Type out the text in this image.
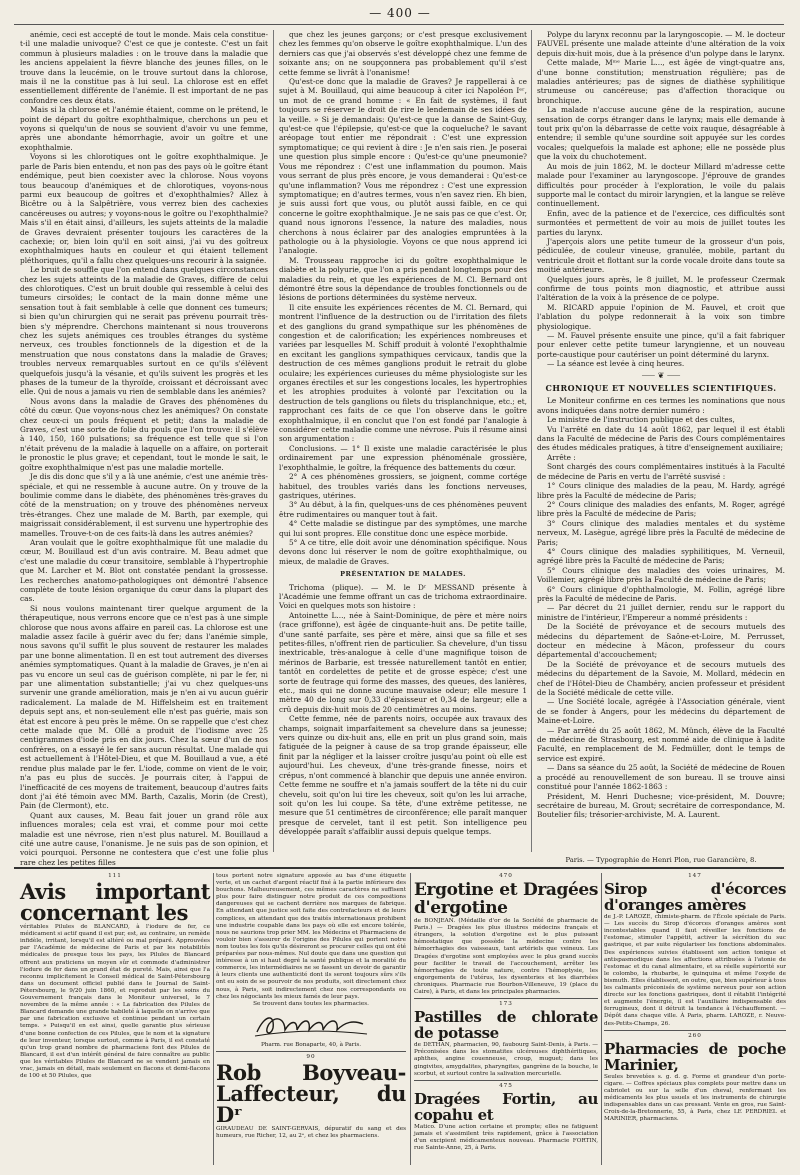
— 400 —

anémie, ceci est accepté de tout le monde. Mais cela constitue-t-il une maladie univoque? C'est ce que je conteste. C'est un fait commun à plusieurs maladies : on le trouve dans la maladie que les anciens appelaient la fièvre blanche des jeunes filles, on le trouve dans la leucémie, on le trouve surtout dans la chlorose, mais il ne la constitue pas à lui seul. La chlorose est en effet essentiellement différente de l'anémie. Il est important de ne pas confondre ces deux états.

Mais si la chlorose et l'anémie étaient, comme on le prétend, le point de départ du goître exophthalmique, cherchons un peu et voyons si quelqu'un de nous se souvient d'avoir vu une femme, après une abondante hémorrhagie, avoir un goître et une exophthalmie.

Voyons si les chlorotiques ont le goître exophthalmique. Je parle de Paris bien entendu, et non pas des pays où le goître étant endémique, peut bien coexister avec la chlorose. Nous voyons tous beaucoup d'anémiques et de chlorotiques, voyons-nous parmi eux beaucoup de goîtres et d'exophthalmies? Allez à Bicêtre ou à la Salpêtrière, vous verrez bien des cachexies cancéreuses ou autres; y voyons-nous le goître ou l'exophthalmie? Mais s'il en était ainsi, d'ailleurs, les sujets atteints de la maladie de Graves devraient présenter toujours les caractères de la cachexie; or, bien loin qu'il en soit ainsi, j'ai vu des goîtreux exophthalmiques hauts en couleur et qui étaient tellement pléthoriques, qu'il a fallu chez quelques-uns recourir à la saignée.

Le bruit de souffle que l'on entend dans quelques circonstances chez les sujets atteints de la maladie de Graves, diffère de celui des chlorotiques. C'est un bruit double qui ressemble à celui des tumeurs cirsoïdes; le contact de la main donne même une sensation tout à fait semblable à celle que donnent ces tumeurs; si bien qu'un chirurgien qui ne serait pas prévenu pourrait très-bien s'y méprendre. Cherchons maintenant si nous trouverons chez les sujets anémiques ces troubles étranges du système nerveux, ces troubles fonctionnels de la digestion et de la menstruation que nous constatons dans la maladie de Graves; troubles nerveux remarquables surtout en ce qu'ils s'élèvent quelquefois jusqu'à la vésanie, et qu'ils suivent les progrès et les phases de la tumeur de la thyroïde, croissant et décroissant avec elle. Qui de nous a jamais vu rien de semblable dans les anémies?

Nous avons dans la maladie de Graves des phénomènes du côté du cœur. Que voyons-nous chez les anémiques? On constate chez ceux-ci un pouls fréquent et petit; dans la maladie de Graves, c'est une sorte de folie du pouls que l'on trouve: il s'élève à 140, 150, 160 pulsations; sa fréquence est telle que si l'on n'était prévenu de la maladie à laquelle on a affaire, on porterait le pronostic le plus grave; et cependant, tout le monde le sait, le goître exophthalmique n'est pas une maladie mortelle.

Je dis dis donc que s'il y a là une anémie, c'est une anémie très-spéciale, et qui ne ressemble à aucune autre. On y trouve de la boulimie comme dans le diabète, des phénomènes très-graves du côté de la menstruation; on y trouve des phénomènes nerveux très-étranges. Chez une malade de M. Barth, par exemple, qui maigrissait considérablement, il est survenu une hypertrophie des mamelles. Trouve-t-on de ces faits-là dans les autres anémies?

Aran voulait que le goître exophthalmique fût une maladie du cœur, M. Bouillaud est d'un avis contraire. M. Beau admet que c'est une maladie du cœur transitoire, semblable à l'hypertrophie que M. Larcher et M. Blot ont constatée pendant la grossesse. Les recherches anatomo-pathologiques ont démontré l'absence complète de toute lésion organique du cœur dans la plupart des cas.

Si nous voulons maintenant tirer quelque argument de la thérapeutique, nous verrons encore que ce n'est pas à une simple chlorose que nous avons affaire en pareil cas. La chlorose est une maladie assez facile à guérir avec du fer; dans l'anémie simple, nous savons qu'il suffit le plus souvent de restaurer les malades par une bonne alimentation. Il en est tout autrement des diverses anémies symptomatiques. Quant à la maladie de Graves, je n'en ai pas vu encore un seul cas de guérison complète, ni par le fer, ni par une alimentation substantielle; j'ai vu chez quelques-uns survenir une grande amélioration, mais je n'en ai vu aucun guérir radicalement. La malade de M. Hiffelsheim est en traitement depuis sept ans, et non-seulement elle n'est pas guérie, mais son état est encore à peu près le même. On se rappelle que c'est chez cette malade que M. Ollé a produit de l'iodisme avec 25 centigrammes d'iode pris en dix jours. Chez la sœur d'un de nos confrères, on a essayé le fer sans aucun résultat. Une malade qui est actuellement à l'Hôtel-Dieu, et que M. Bouillaud a vue, a été rendue plus malade par le fer. L'iode, comme on vient de le voir, n'a pas eu plus de succès. Je pourrais citer, à l'appui de l'inefficacité de ces moyens de traitement, beaucoup d'autres faits dont j'ai été témoin avec MM. Barth, Cazalis, Morin (de Crest), Pain (de Clermont), etc.

Quant aux causes, M. Beau fait jouer un grand rôle aux influences morales; cela est vrai, et comme pour moi cette maladie est une névrose, rien n'est plus naturel. M. Bouillaud a cité une autre cause, l'onanisme. Je ne suis pas de son opinion, et voici pourquoi. Personne ne contestera que c'est une folie plus rare chez les petites filles

que chez les jeunes garçons; or c'est presque exclusivement chez les femmes qu'on observe le goître exophthalmique. L'un des derniers cas que j'ai observés s'est développé chez une femme de soixante ans; on ne soupçonnera pas probablement qu'il s'est cette femme se livrât à l'onanisme!

Qu'est-ce donc que la maladie de Graves? Je rappellerai à ce sujet à M. Bouillaud, qui aime beaucoup à citer ici Napoléon Iᵉʳ, un mot de ce grand homme : « En fait de systèmes, il faut toujours se réserver le droit de rire le lendemain de ses idées de la veille. » Si je demandais: Qu'est-ce que la danse de Saint-Guy, qu'est-ce que l'épilepsie, qu'est-ce que la coqueluche? le savant aréopage tout entier me répondrait : C'est une expression symptomatique; ce qui revient à dire : Je n'en sais rien. Je poserai une question plus simple encore : Qu'est-ce qu'une pneumonie? Vous me répondrez : C'est une inflammation du poumon. Mais vous serrant de plus près encore, je vous demanderai : Qu'est-ce qu'une inflammation? Vous me répondrez : C'est une expression symptomatique; en d'autres termes, vous n'en savez rien. Eh bien, je suis aussi fort que vous, ou plutôt aussi faible, en ce qui concerne le goître exophthalmique. Je ne sais pas ce que c'est. Or, quand nous ignorons l'essence, la nature des maladies, nous cherchons à nous éclairer par des analogies empruntées à la pathologie ou à la physiologie. Voyons ce que nous apprend ici l'analogie.

M. Trousseau rapproche ici du goître exophthalmique le diabète et la polyurie, que l'on a pris pendant longtemps pour des maladies du rein, et que les expériences de M. Cl. Bernard ont démontré être sous la dépendance de troubles fonctionnels ou de lésions de portions déterminées du système nerveux.

Il cite ensuite les expériences récentes de M. Cl. Bernard, qui montrent l'influence de la destruction ou de l'irritation des filets et des ganglions du grand sympathique sur les phénomènes de congestion et de calorification; les expériences nombreuses et variées par lesquelles M. Schiff produit à volonté l'exophthalmie en excitant les ganglions sympathiques cervicaux, tandis que la destruction de ces mêmes ganglions produit le retrait du globe oculaire; les expériences curieuses du même physiologiste sur les organes érectiles et sur les congestions locales, les hypertrophies et les atrophies produites à volonté par l'excitation ou la destruction de tels ganglions ou filets du trisplanchnique, etc.; et, rapprochant ces faits de ce que l'on observe dans le goître exophthalmique, il en conclut que l'on est fondé par l'analogie à considérer cette maladie comme une névrose. Puis il résume ainsi son argumentation :

Conclusions. — 1° Il existe une maladie caractérisée le plus ordinairement par une expression phénoménale grossière, l'exophthalmie, le goître, la fréquence des battements du cœur.

2° A ces phénomènes grossiers, se joignent, comme cortége habituel, des troubles variés dans les fonctions nerveuses, gastriques, utérines.

3° Au début, à la fin, quelques-uns de ces phénomènes peuvent être rudimentaires ou manquer tout à fait.

4° Cette maladie se distingue par des symptômes, une marche qui lui sont propres. Elle constitue donc une espèce morbide.

5° A ce titre, elle doit avoir une dénomination spécifique. Nous devons donc lui réserver le nom de goître exophthalmique, ou mieux, de maladie de Graves.

PRÉSENTATION DE MALADES.

Trichoma (plique). — M. le Dʳ MESSAND présente à l'Académie une femme offrant un cas de trichoma extraordinaire. Voici en quelques mots son histoire :

Antoinette L..., née à Saint-Dominique, de père et mère noirs (race griffonne), est âgée de cinquante-huit ans. De petite taille, d'une santé parfaite, ses père et mère, ainsi que sa fille et ses petites-filles, n'offrent rien de particulier. Sa chevelure, d'un tissu inextricable, très-analogue à celle d'une magnifique toison de mérinos de Barbarie, est tressée naturellement tantôt en entier, tantôt en cordelettes de petite et de grosse espèce; c'est une sorte de feutrage qui forme des masses, des queues, des lanières, etc., mais qui ne donne aucune mauvaise odeur; elle mesure 1 mètre 40 de long sur 0,33 d'épaisseur et 0,34 de largeur; elle a crû depuis dix-huit mois de 20 centimètres au moins.

Cette femme, née de parents noirs, occupée aux travaux des champs, soignait imparfaitement sa chevelure dans sa jeunesse; vers quinze ou dix-huit ans, elle en prit un plus grand soin, mais fatiguée de la peigner à cause de sa trop grande épaisseur, elle finit par la négliger et la laisser croître jusqu'au point où elle est aujourd'hui. Les cheveux, d'une très-grande finesse, noirs et crépus, n'ont commencé à blanchir que depuis une année environ. Cette femme ne souffre et n'a jamais souffert de la tête ni du cuir chevelu, soit qu'on lui tire les cheveux, soit qu'on les lui arrache, soit qu'on les lui coupe. Sa tête, d'une extrême petitesse, ne mesure que 51 centimètres de circonférence; elle paraît manquer presque de cervelet, tant il est petit. Son intelligence peu développée paraît s'affaiblir aussi depuis quelque temps.

Polype du larynx reconnu par la laryngoscopie. — M. le docteur FAUVEL présente une malade atteinte d'une altération de la voix depuis dix-huit mois, due à la présence d'un polype dans le larynx.

Cette malade, Mᵐᵉ Marie L..., est âgée de vingt-quatre ans, d'une bonne constitution; menstruation régulière; pas de maladies antérieures; pas de signes de diathèse syphilitique strumeuse ou cancéreuse; pas d'affection thoracique ou bronchique.

La malade n'accuse aucune gêne de la respiration, aucune sensation de corps étranger dans le larynx; mais elle demande à tout prix qu'on la débarrasse de cette voix rauque, désagréable à entendre; il semble qu'une sourdine soit appuyée sur les cordes vocales; quelquefois la malade est aphone; elle ne possède plus que la voix du chuchotement.

Au mois de juin 1862, M. le docteur Millard m'adresse cette malade pour l'examiner au laryngoscope. J'éprouve de grandes difficultés pour procéder à l'exploration, le voile du palais supporte mal le contact du miroir laryngien, et la langue se relève continuellement.

Enfin, avec de la patience et de l'exercice, ces difficultés sont surmontées et permettent de voir au mois de juillet toutes les parties du larynx.

J'aperçois alors une petite tumeur de la grosseur d'un pois, pédiculée, de couleur vineuse, granulée, mobile, partant du ventricule droit et flottant sur la corde vocale droite dans toute sa moitié antérieure.

Quelques jours après, le 8 juillet, M. le professeur Czermak confirme de tous points mon diagnostic, et attribue aussi l'altération de la voix à la présence de ce polype.

M. RICARD appuie l'opinion de M. Fauvel, et croit que l'ablation du polype redonnerait à la voix son timbre physiologique.

— M. Fauvel présente ensuite une pince, qu'il a fait fabriquer pour enlever cette petite tumeur laryngienne, et un nouveau porte-caustique pour cautériser un point déterminé du larynx.

— La séance est levée à cinq heures.

⸺ ❦ ⸺
CHRONIQUE ET NOUVELLES SCIENTIFIQUES.

Le Moniteur confirme en ces termes les nominations que nous avons indiquées dans notre dernier numéro :

Le ministre de l'instruction publique et des cultes,

Vu l'arrêté en date du 14 août 1862, par lequel il est établi dans la Faculté de médecine de Paris des Cours complémentaires des études médicales pratiques, à titre d'enseignement auxiliaire;

Arrête :

Sont chargés des cours complémentaires institués à la Faculté de médecine de Paris en vertu de l'arrêté susvisé :

1° Cours clinique des maladies de la peau, M. Hardy, agrégé libre près la Faculté de médecine de Paris;

2° Cours clinique des maladies des enfants, M. Roger, agrégé libre près la Faculté de médecine de Paris;

3° Cours clinique des maladies mentales et du système nerveux, M. Lasègue, agrégé libre près la Faculté de médecine de Paris;

4° Cours clinique des maladies syphilitiques, M. Verneuil, agrégé libre près la Faculté de médecine de Paris;

5° Cours clinique des maladies des voies urinaires, M. Voillemier, agrégé libre près la Faculté de médecine de Paris;

6° Cours clinique d'ophthalmologie, M. Follin, agrégé libre près la Faculté de médecine de Paris.

— Par décret du 21 juillet dernier, rendu sur le rapport du ministre de l'intérieur, l'Empereur a nommé présidents :

De la Société de prévoyance et de secours mutuels des médecins du département de Saône-et-Loire, M. Perrusset, docteur en médecine à Mâcon, professeur du cours départemental d'accouchement;

De la Société de prévoyance et de secours mutuels des médecins du département de la Savoie, M. Mollard, médecin en chef de l'Hôtel-Dieu de Chambéry, ancien professeur et président de la Société médicale de cette ville.

— Une Société locale, agrégée à l'Association générale, vient de se fonder à Angers, pour les médecins du département de Maine-et-Loire.

— Par arrêté du 25 août 1862, M. Münch, élève de la Faculté de médecine de Strasbourg, est nommé aide de clinique à ladite Faculté, en remplacement de M. Fedmüller, dont le temps de service est expiré.

— Dans sa séance du 25 août, la Société de médecine de Rouen a procédé au renouvellement de son bureau. Il se trouve ainsi constitué pour l'année 1862-1863 :

Président, M. Henri Duchesne; vice-président, M. Douvre; secrétaire de bureau, M. Grout; secrétaire de correspondance, M. Boutelier fils; trésorier-archiviste, M. A. Laurent.

Paris. — Typographie de Henri Plon, rue Garancière, 8.
111
Avis important concernant les

véritables Pilules de BLANCARD, à l'iodure de fer, ce médicament si actif quand il est pur, est, au contraire, un remède infidèle, irritant, lorsqu'il est altéré ou mal préparé. Approuvées par l'Académie de médecine de Paris et par les notabilités médicales de presque tous les pays, les Pilules de Blancard offrent aux praticiens un moyen sûr et commode d'administrer l'iodure de fer dans un grand état de pureté. Mais, ainsi que l'a reconnu implicitement le Conseil médical de Saint-Pétersbourg dans un document officiel publié dans le Journal de Saint-Pétersbourg, le 9/20 juin 1860, et reproduit par les soins du Gouvernement français dans le Moniteur universel, le 7 novembre de la même année : « La fabrication des Pilules de Blancard demande une grande habileté à laquelle on n'arrive que par une fabrication exclusive et continue pendant un certain temps. » Puisqu'il en est ainsi, quelle garantie plus sérieuse d'une bonne confection de ces Pilules, que le nom et la signature de leur inventeur, lorsque surtout, comme à Paris, il est constaté qu'un trop grand nombre de pharmaciens font des Pilules de Blancard, il est d'un intérêt général de faire connaître au public que les véritables Pilules de Blancard ne se vendent jamais en vrac, jamais en détail, mais seulement en flacons et demi-flacons de 100 et 50 Pilules, que

tous portent notre signature apposée au bas d'une étiquette verte, et un cachet d'argent réactif fixé à la partie inférieure des bouchons. Malheureusement, ces mêmes caractères ne suffisent plus pour faire distinguer notre produit de ces compositions dangereuses qui se cachent derrière nos marques de fabrique. En attendant que justice soit faite des contrefacteurs et de leurs complices, en attendant que des traités internationaux prohibent une industrie coupable dans les pays où elle est encore tolérée, nous ne saurions trop prier MM. les Médecins et Pharmaciens de vouloir bien s'assurer de l'origine des Pilules qui portent notre nom toutes les fois qu'ils désireront se procurer celles qui ont été préparées par nous-mêmes. Nul doute que dans une question qui intéresse à un si haut degré la santé publique et la moralité du commerce, les intermédiaires ne se fassent un devoir de garantir à leurs clients une authenticité dont ils seront toujours sûrs s'ils ont eu soin de se pourvoir de nos produits, soit directement chez nous, à Paris, soit indirectement chez nos correspondants ou chez les négociants les mieux famés de leur pays.

Se trouvent dans toutes les pharmacies.

Pharm. rue Bonaparte, 40, à Paris.

90
Rob Boyveau-Laffecteur, du Dʳ

GIRAUDEAU DE SAINT-GERVAIS, dépuratif du sang et des humeurs, rue Richer, 12, au 2ᵉ, et chez les pharmaciens.

470
Ergotine et Dragées d'ergotine

de BONJEAN. (Médaille d'or de la Société de pharmacie de Paris.) — Dragées les plus illustres médecins français et étrangers, la solution d'ergotine est le plus puissant hémostatique que possède la médecine contre les hémorrhagies des vaisseaux, tant artériels que veineux. Les Dragées d'ergotine sont employées avec le plus grand succès pour faciliter le travail de l'accouchement, arrêter les hémorrhagies de toute nature, contre l'hémoptysie, les engorgements de l'utérus, les dysenteries et les diarrhées chroniques. Pharmacie rue Bourbon-Villeneuve, 19 (place du Caire), à Paris, et dans les principales pharmacies.

173
Pastilles de chlorate de potasse

de DETHAN, pharmacien, 90, faubourg Saint-Denis, à Paris. — Préconisées dans les stomatites ulcéreuses diphthéritiques, aphthes, angine couenneuse, croup, muguet; dans les gingivites, amygdalites, pharyngites, gangrène de la bouche, le scorbut, et surtout contre la salivation mercurielle.

475
Dragées Fortin, au copahu et

Matico. D'une action certaine et prompte; elles ne fatiguent jamais et s'assimilent très rapidement, grâce à l'association d'un excipient médicamenteux nouveau. Pharmacie FORTIN, rue Sainte-Anne, 25, à Paris.

147
Sirop d'écorces d'oranges amères

de J.-P. LAROZE, chimiste-pharm. de l'École spéciale de Paris. — Les succès du Sirop d'écorces d'oranges amères sont incontestables quand il faut réveiller les fonctions de l'estomac, stimuler l'appétit, activer la sécrétion du suc gastrique, et par suite régulariser les fonctions abdominales. Des expériences suivies établissent son action tonique et antispasmodique dans les affections attribuées à l'atonie de l'estomac et du canal alimentaire, et sa réelle supériorité sur le colombo, la rhubarbe, le quinquina et même l'oxyde de bismuth. Elles établissent, en outre, que, bien supérieur à tous les calmants préconisés de système nerveux pour son action directe sur les fonctions gastriques, dont il rétablit l'intégrité et augmente l'énergie, il est l'auxiliaire indispensable des ferrugineux, dont il détruit la tendance à l'échauffement. — Dépôt dans chaque ville. À Paris, pharm. LAROZE, r. Neuve-des-Petits-Champs, 26.

260
Pharmacies de poche Marinier,

Seules brevetées s. g. d. g. Forme et grandeur d'un porte-cigare. — Coffres spéciaux plus complets pour mettre dans un cabriolet ou sur la selle d'un cheval, renfermant les médicaments les plus usuels et les instruments de chirurgie indispensables dans un cas pressant. Vente en gros, rue Saint-Croix-de-la-Bretonnerie, 55, à Paris, chez LE PERDRIEL et MARINIER, pharmaciens.
